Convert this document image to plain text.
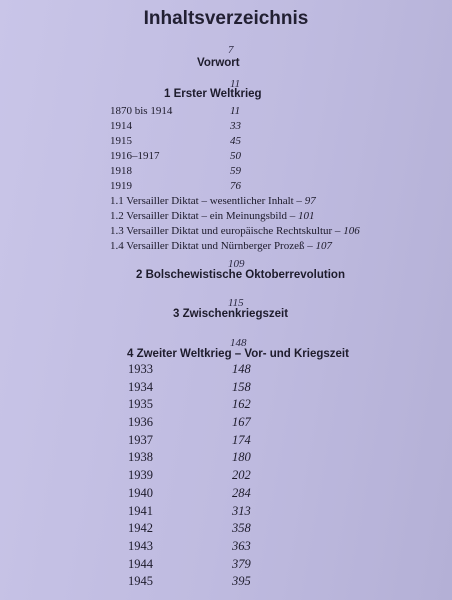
Inhaltsverzeichnis
7
Vorwort
11
1 Erster Weltkrieg
1870 bis 1914	11
1914	33
1915	45
1916–1917	50
1918	59
1919	76
1.1 Versailler Diktat – wesentlicher Inhalt – 97
1.2 Versailler Diktat – ein Meinungsbild – 101
1.3 Versailler Diktat und europäische Rechtskultur – 106
1.4 Versailler Diktat und Nürnberger Prozeß – 107
109
2 Bolschewistische Oktoberrevolution
115
3 Zwischenkriegszeit
148
4 Zweiter Weltkrieg – Vor- und Kriegszeit
1933	148
1934	158
1935	162
1936	167
1937	174
1938	180
1939	202
1940	284
1941	313
1942	358
1943	363
1944	379
1945	395
